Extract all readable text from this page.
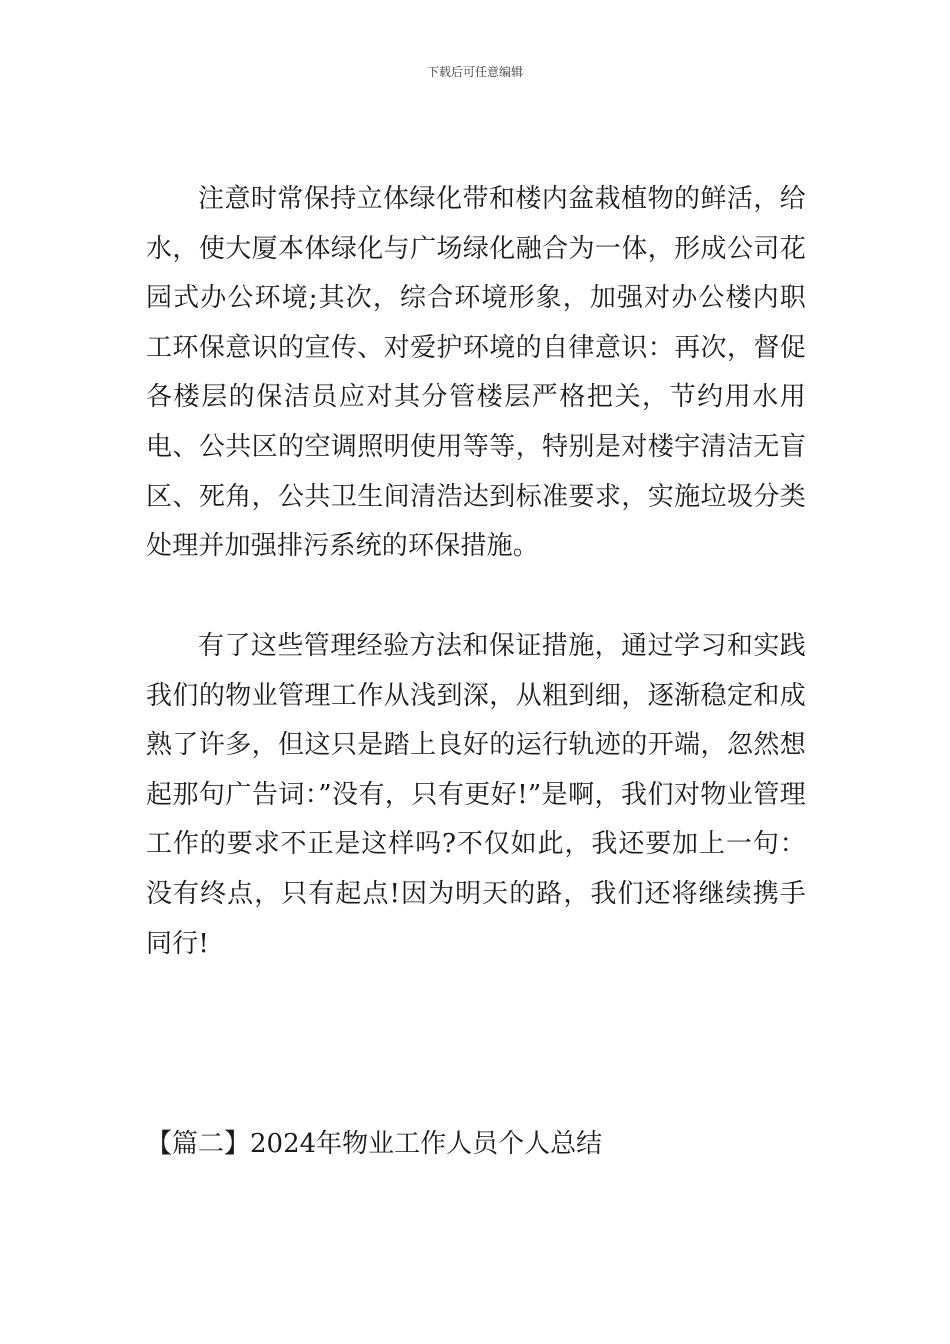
下载后可任意编辑

注意时常保持立体绿化带和楼内盆栽植物的鲜活，给水，使大厦本体绿化与广场绿化融合为一体，形成公司花园式办公环境;其次，综合环境形象，加强对办公楼内职工环保意识的宣传、对爱护环境的自律意识：再次，督促各楼层的保洁员应对其分管楼层严格把关，节约用水用电、公共区的空调照明使用等等，特别是对楼宇清洁无盲区、死角，公共卫生间清浩达到标准要求，实施垃圾分类处理并加强排污系统的环保措施。

有了这些管理经验方法和保证措施，通过学习和实践我们的物业管理工作从浅到深，从粗到细，逐渐稳定和成熟了许多，但这只是踏上良好的运行轨迹的开端，忽然想起那句广告词：”没有，只有更好!”是啊，我们对物业管理工作的要求不正是这样吗?不仅如此，我还要加上一句：没有终点，只有起点!因为明天的路，我们还将继续携手同行!

【篇二】2024年物业工作人员个人总结
